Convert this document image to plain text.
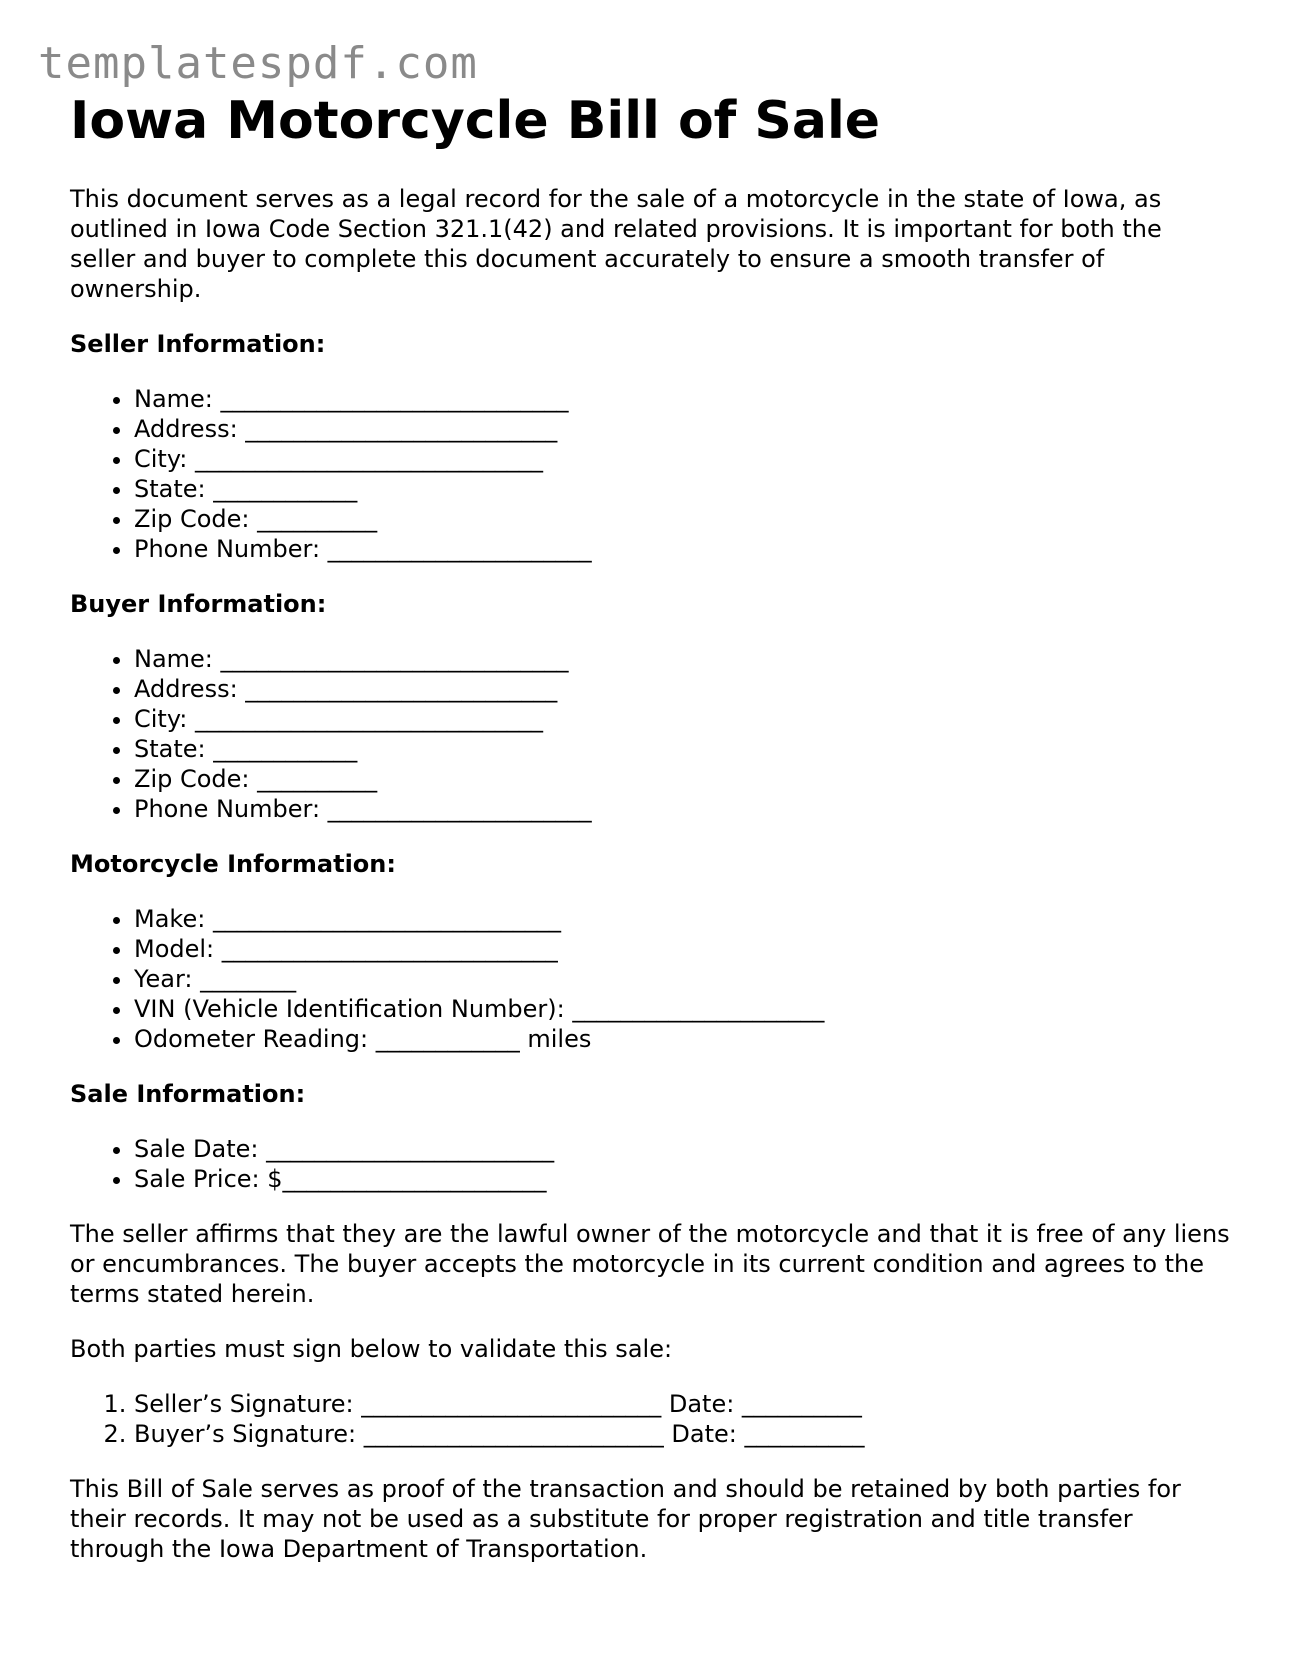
templatespdf.com
Iowa Motorcycle Bill of Sale

This document serves as a legal record for the sale of a motorcycle in the state of Iowa, as outlined in Iowa Code Section 321.1(42) and related provisions. It is important for both the seller and buyer to complete this document accurately to ensure a smooth transfer of ownership.

Seller Information:
• Name: _____________________________
• Address: __________________________
• City: _____________________________
• State: ____________
• Zip Code: __________
• Phone Number: ______________________
Buyer Information:
• Name: _____________________________
• Address: __________________________
• City: _____________________________
• State: ____________
• Zip Code: __________
• Phone Number: ______________________
Motorcycle Information:
• Make: _____________________________
• Model: ____________________________
• Year: ________
• VIN (Vehicle Identification Number): _____________________
• Odometer Reading: ____________ miles
Sale Information:
• Sale Date: ________________________
• Sale Price: $______________________

The seller affirms that they are the lawful owner of the motorcycle and that it is free of any liens or encumbrances. The buyer accepts the motorcycle in its current condition and agrees to the terms stated herein.

Both parties must sign below to validate this sale:

1. Seller’s Signature: _________________________ Date: __________
2. Buyer’s Signature: _________________________ Date: __________

This Bill of Sale serves as proof of the transaction and should be retained by both parties for their records. It may not be used as a substitute for proper registration and title transfer through the Iowa Department of Transportation.
